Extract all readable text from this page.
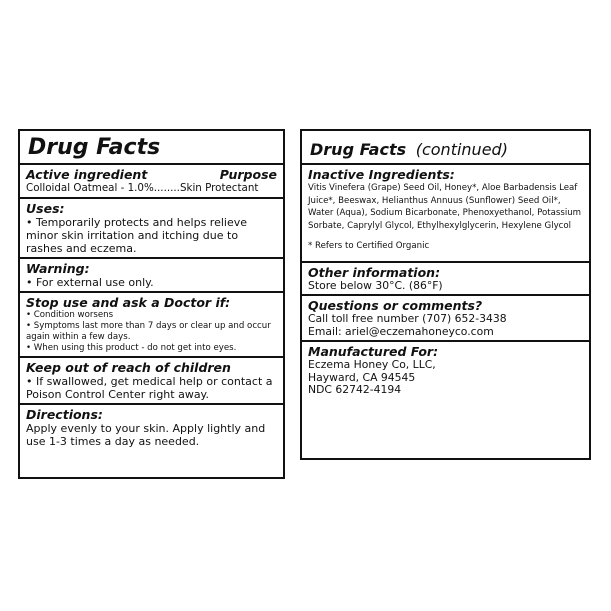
Drug Facts
Active ingredient	Purpose
Colloidal Oatmeal - 1.0%........Skin Protectant
Uses:
• Temporarily protects and helps relieve minor skin irritation and itching due to rashes and eczema.
Warning:
• For external use only.
Stop use and ask a Doctor if:
• Condition worsens
• Symptoms last more than 7 days or clear up and occur again within a few days.
• When using this product - do not get into eyes.
Keep out of reach of children
• If swallowed, get medical help or contact a Poison Control Center right away.
Directions:
Apply evenly to your skin. Apply lightly and use 1-3 times a day as needed.
Drug Facts (continued)
Inactive Ingredients:
Vitis Vinefera (Grape) Seed Oil, Honey*, Aloe Barbadensis Leaf Juice*, Beeswax, Helianthus Annuus (Sunflower) Seed Oil*, Water (Aqua), Sodium Bicarbonate, Phenoxyethanol, Potassium Sorbate, Caprylyl Glycol, Ethylhexylglycerin, Hexylene Glycol
* Refers to Certified Organic
Other information:
Store below 30°C. (86°F)
Questions or comments?
Call toll free number (707) 652-3438
Email: ariel@eczemahoneyco.com
Manufactured For:
Eczema Honey Co, LLC,
Hayward, CA 94545
NDC 62742-4194
